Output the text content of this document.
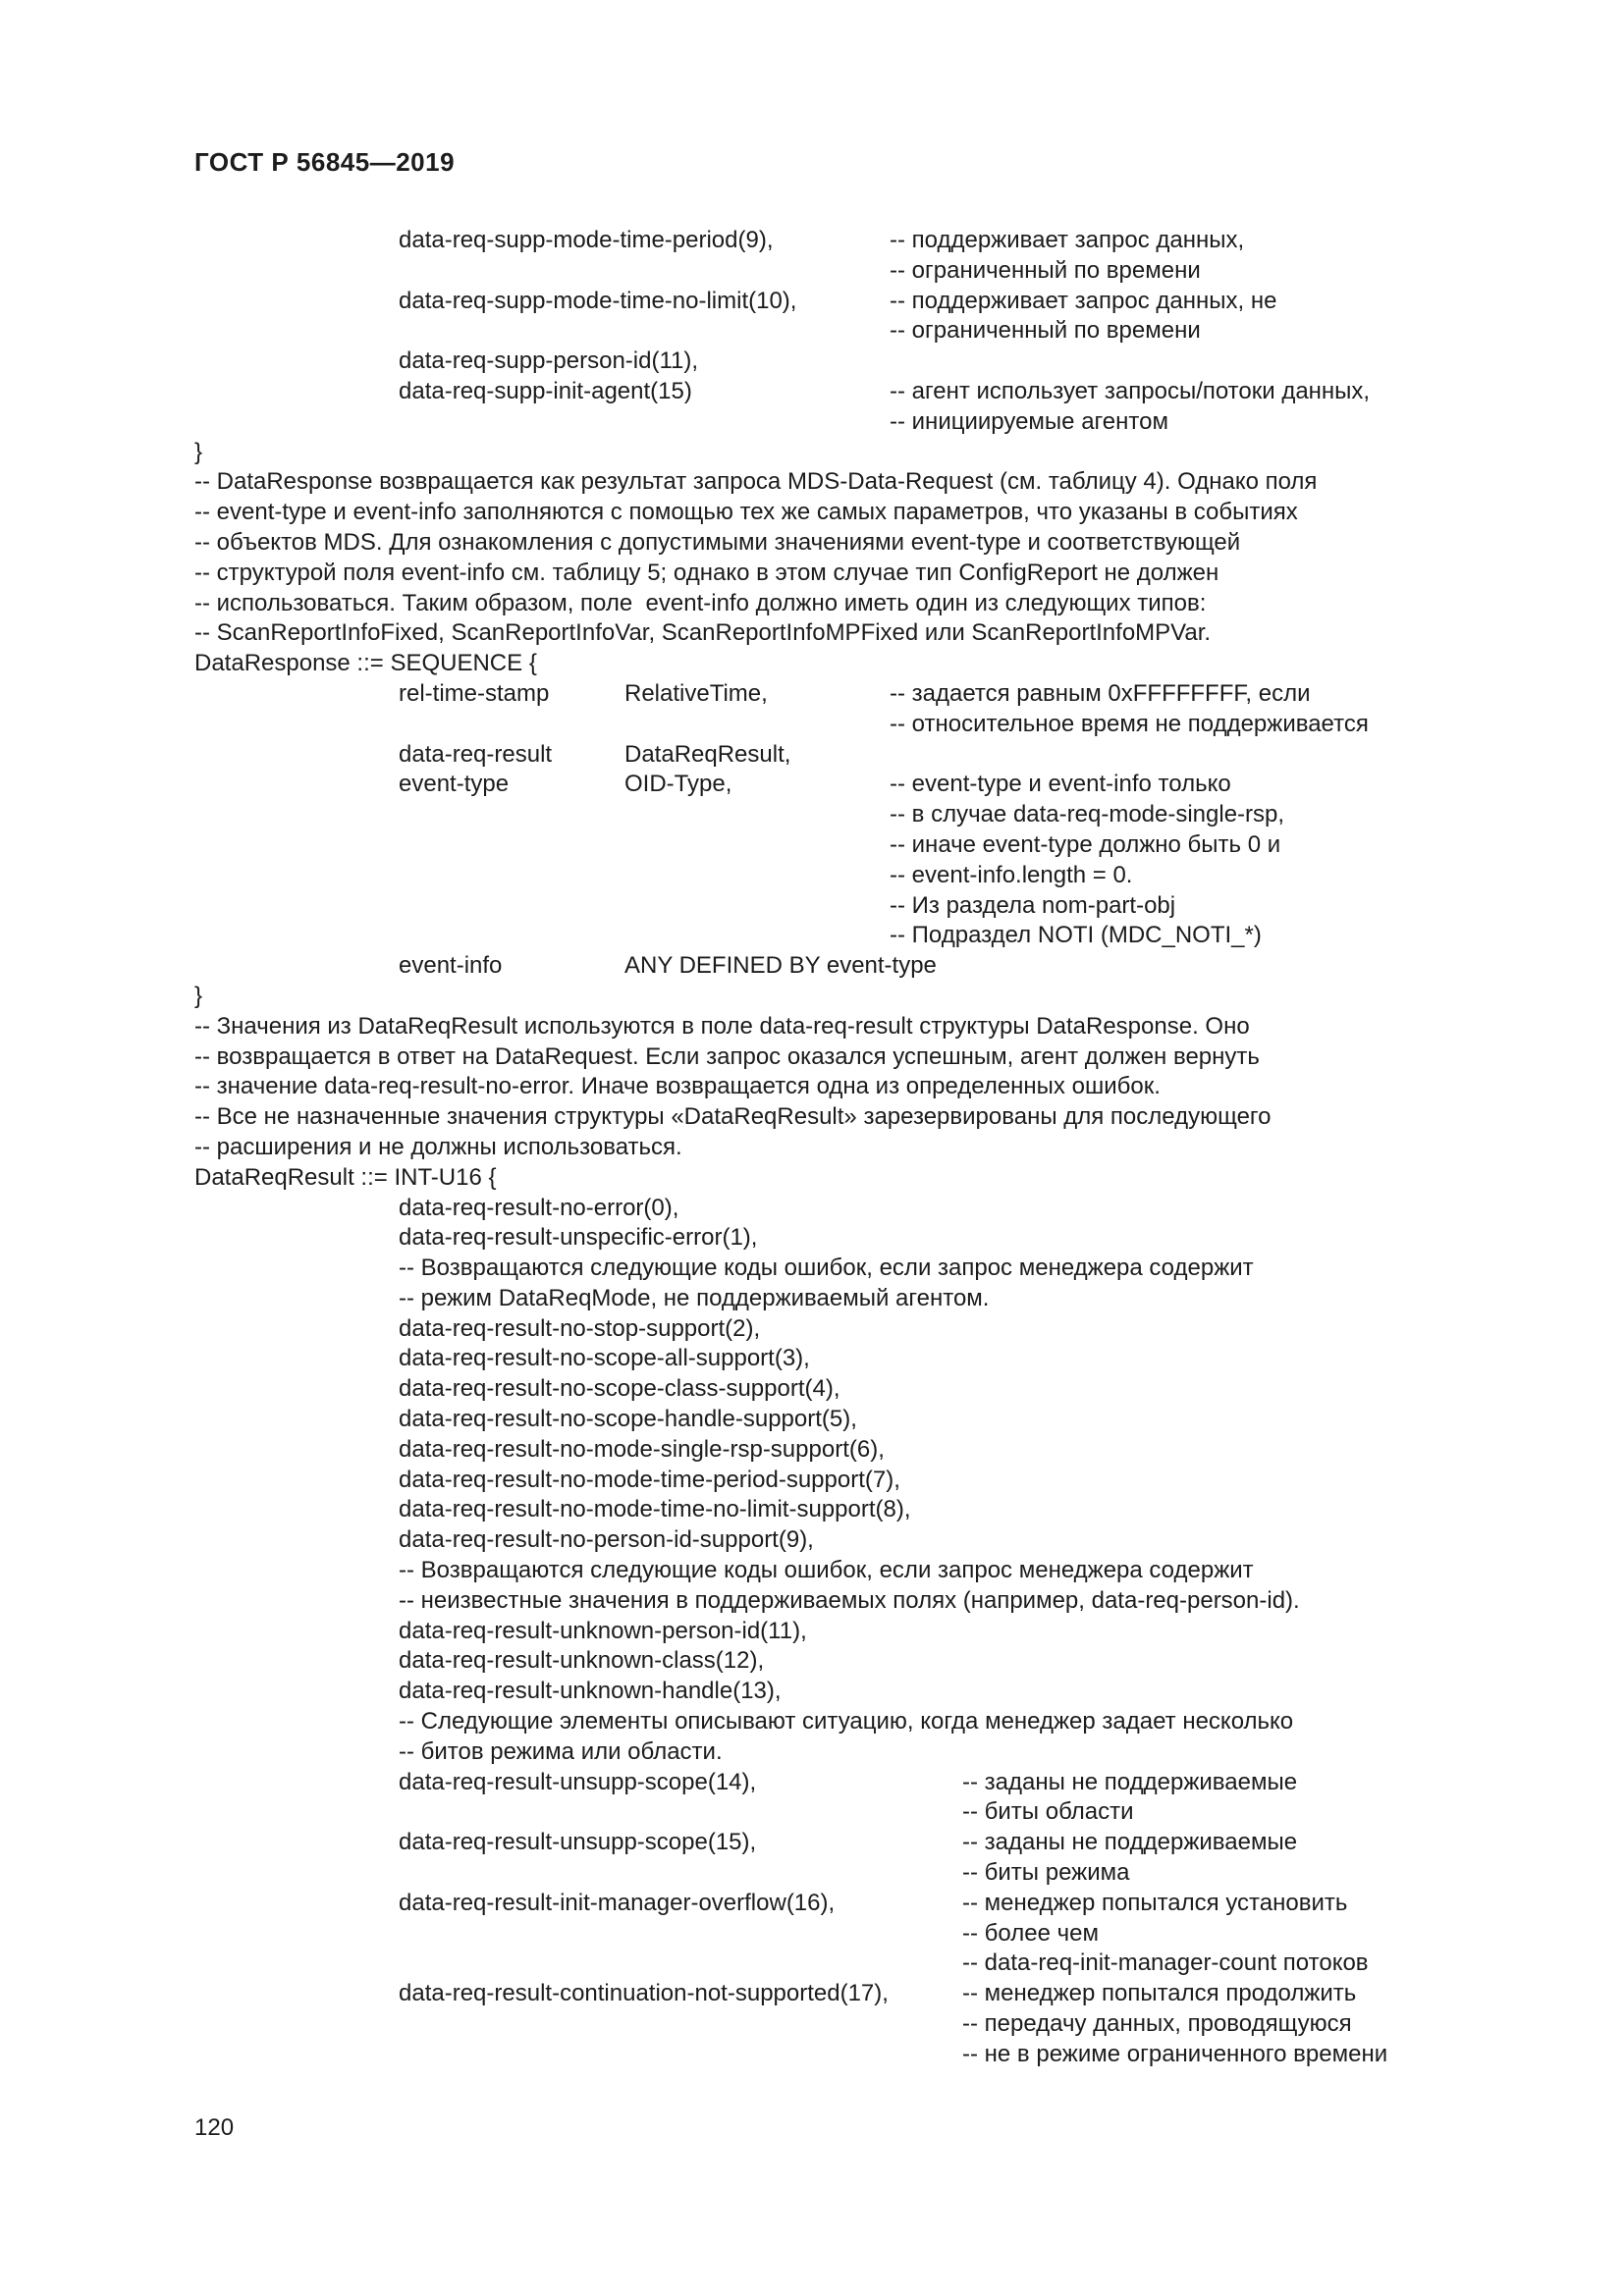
ГОСТ Р 56845—2019
data-req-supp-mode-time-period(9),	-- поддерживает запрос данных,
-- ограниченный по времени
data-req-supp-mode-time-no-limit(10),	-- поддерживает запрос данных, не
-- ограниченный по времени
data-req-supp-person-id(11),
data-req-supp-init-agent(15)	-- агент использует запросы/потоки данных,
-- инициируемые агентом
}
-- DataResponse возвращается как результат запроса MDS-Data-Request (см. таблицу 4). Однако поля
-- event-type и event-info заполняются с помощью тех же самых параметров, что указаны в событиях
-- объектов MDS. Для ознакомления с допустимыми значениями event-type и соответствующей
-- структурой поля event-info см. таблицу 5; однако в этом случае тип ConfigReport не должен
-- использоваться. Таким образом, поле  event-info должно иметь один из следующих типов:
-- ScanReportInfoFixed, ScanReportInfoVar, ScanReportInfoMPFixed или ScanReportInfoMPVar.
DataResponse ::= SEQUENCE {
rel-time-stamp	RelativeTime,	-- задается равным 0xFFFFFFFF, если
-- относительное время не поддерживается
data-req-result	DataReqResult,
event-type	OID-Type,	-- event-type и event-info только
-- в случае data-req-mode-single-rsp,
-- иначе event-type должно быть 0 и
-- event-info.length = 0.
-- Из раздела nom-part-obj
-- Подраздел NOTI (MDC_NOTI_*)
event-info	ANY DEFINED BY event-type
}
-- Значения из DataReqResult используются в поле data-req-result структуры DataResponse. Оно
-- возвращается в ответ на DataRequest. Если запрос оказался успешным, агент должен вернуть
-- значение data-req-result-no-error. Иначе возвращается одна из определенных ошибок.
-- Все не назначенные значения структуры «DataReqResult» зарезервированы для последующего
-- расширения и не должны использоваться.
DataReqResult ::= INT-U16 {
data-req-result-no-error(0),
data-req-result-unspecific-error(1),
-- Возвращаются следующие коды ошибок, если запрос менеджера содержит
-- режим DataReqMode, не поддерживаемый агентом.
data-req-result-no-stop-support(2),
data-req-result-no-scope-all-support(3),
data-req-result-no-scope-class-support(4),
data-req-result-no-scope-handle-support(5),
data-req-result-no-mode-single-rsp-support(6),
data-req-result-no-mode-time-period-support(7),
data-req-result-no-mode-time-no-limit-support(8),
data-req-result-no-person-id-support(9),
-- Возвращаются следующие коды ошибок, если запрос менеджера содержит
-- неизвестные значения в поддерживаемых полях (например, data-req-person-id).
data-req-result-unknown-person-id(11),
data-req-result-unknown-class(12),
data-req-result-unknown-handle(13),
-- Следующие элементы описывают ситуацию, когда менеджер задает несколько
-- битов режима или области.
data-req-result-unsupp-scope(14),	-- заданы не поддерживаемые
-- биты области
data-req-result-unsupp-scope(15),	-- заданы не поддерживаемые
-- биты режима
data-req-result-init-manager-overflow(16),	-- менеджер попытался установить
-- более чем
-- data-req-init-manager-count потоков
data-req-result-continuation-not-supported(17),	-- менеджер попытался продолжить
-- передачу данных, проводящуюся
-- не в режиме ограниченного времени
120
